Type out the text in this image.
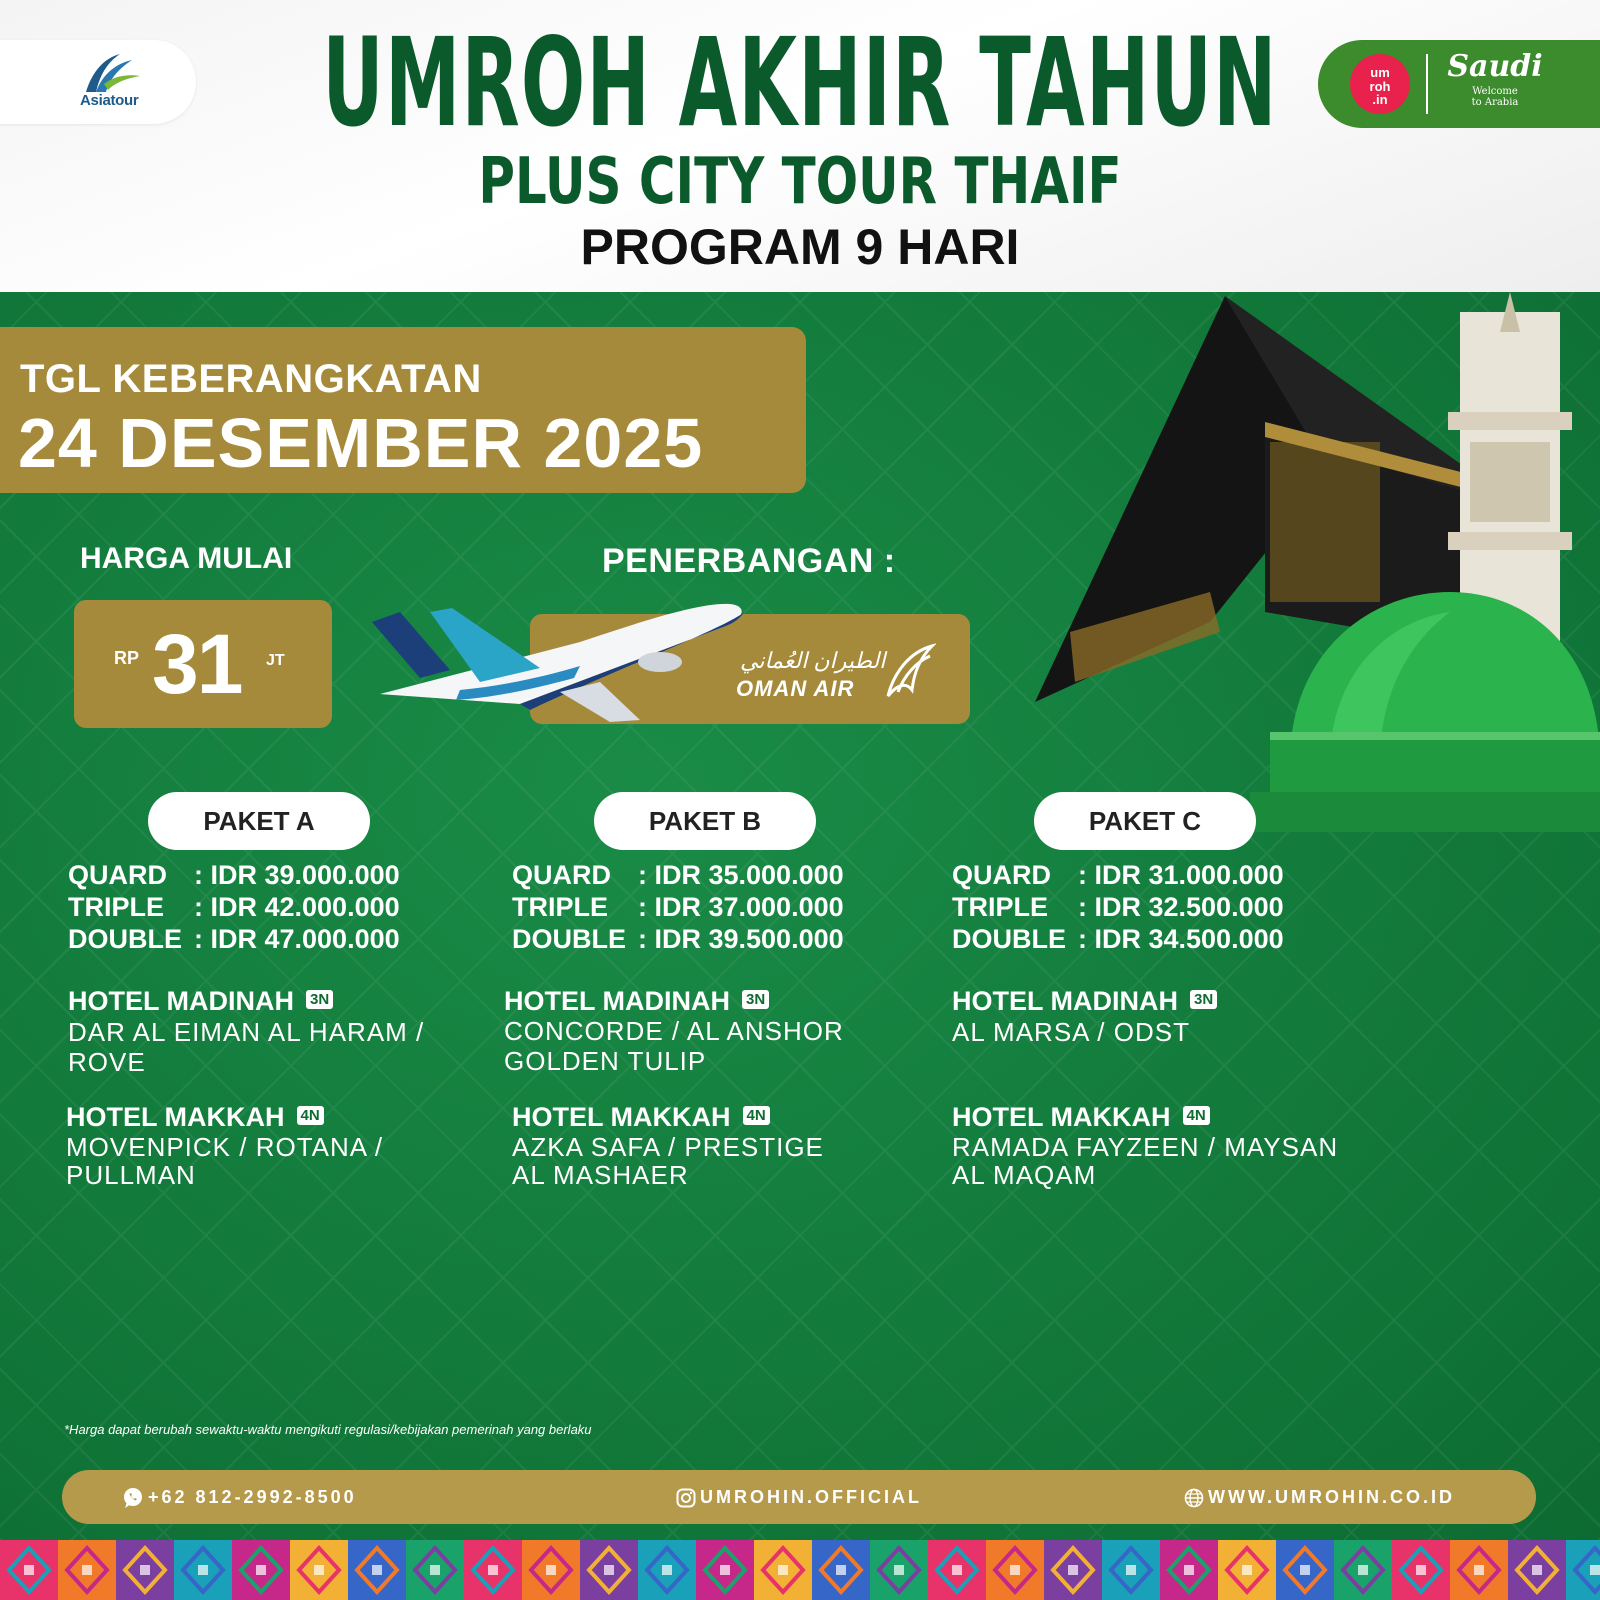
Asiatour UMROH AKHIR TAHUN
PLUS CITY TOUR THAIF
PROGRAM 9 HARI
um
roh
.in
Saudi
Welcome
to Arabia
TGL KEBERANGKATAN
24 DESEMBER 2025
HARGA MULAI
RP 31 JT
PENERBANGAN :
الطيران العُماني
OMAN AIR
PAKET A
QUARD : IDR 39.000.000
TRIPLE : IDR 42.000.000
DOUBLE : IDR 47.000.000
HOTEL MADINAH 3N
DAR AL EIMAN AL HARAM /
ROVE
HOTEL MAKKAH 4N
MOVENPICK / ROTANA /
PULLMAN
PAKET B
QUARD : IDR 35.000.000
TRIPLE : IDR 37.000.000
DOUBLE : IDR 39.500.000
HOTEL MADINAH 3N
CONCORDE / AL ANSHOR
GOLDEN TULIP
HOTEL MAKKAH 4N
AZKA SAFA / PRESTIGE
AL MASHAER
PAKET C
QUARD : IDR 31.000.000
TRIPLE : IDR 32.500.000
DOUBLE : IDR 34.500.000
HOTEL MADINAH 3N
AL MARSA / ODST
HOTEL MAKKAH 4N
RAMADA FAYZEEN / MAYSAN
AL MAQAM
*Harga dapat berubah sewaktu-waktu mengikuti regulasi/kebijakan pemerinah yang berlaku
+62 812-2992-8500	UMROHIN.OFFICIAL	WWW.UMROHIN.CO.ID
